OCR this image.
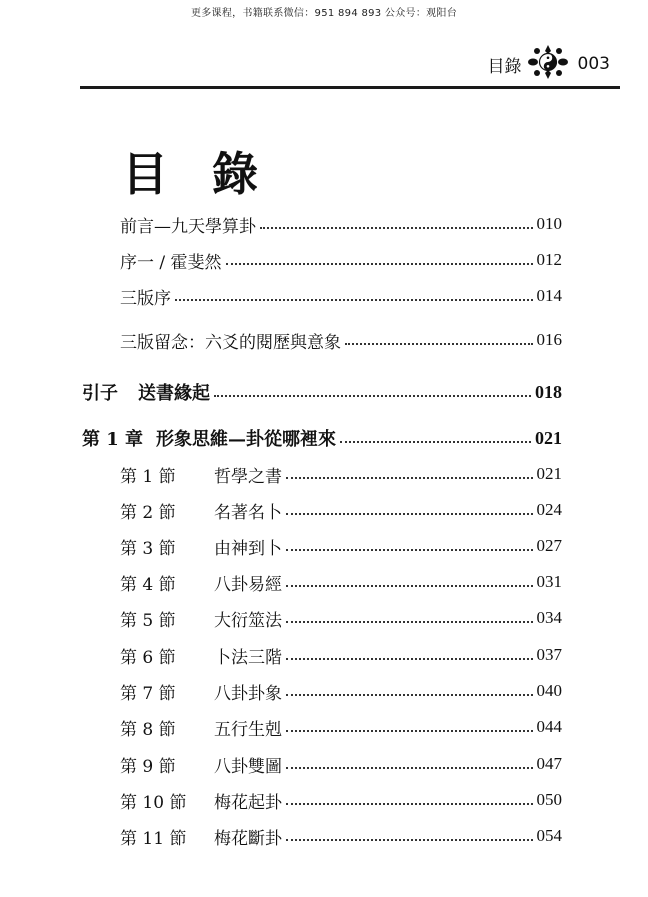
更多课程，书籍联系微信：951 894 893 公众号：观阳台
目錄	003
目 錄
前言—九天學算卦	010
序一 / 霍斐然	012
三版序	014
三版留念：六爻的閱歷與意象	016
引子 送書緣起	018
第 1 章 形象思維—卦從哪裡來	021
第 1 節 哲學之書	021
第 2 節 名著名卜	024
第 3 節 由神到卜	027
第 4 節 八卦易經	031
第 5 節 大衍筮法	034
第 6 節 卜法三階	037
第 7 節 八卦卦象	040
第 8 節 五行生剋	044
第 9 節 八卦雙圖	047
第 10 節 梅花起卦	050
第 11 節 梅花斷卦	054
